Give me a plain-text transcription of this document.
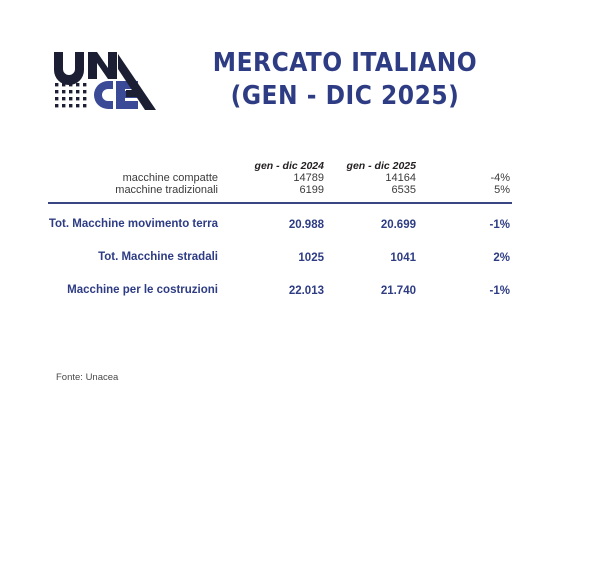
MERCATO ITALIANO
(GEN - DIC 2025)
	gen - dic 2024	gen - dic 2025	
macchine compatte	14789	14164	-4%
macchine tradizionali	6199	6535	5%

Tot. Macchine movimento terra	20.988	20.699	-1%

Tot. Macchine stradali	1025	1041	2%

Macchine per le costruzioni	22.013	21.740	-1%
Fonte: Unacea
